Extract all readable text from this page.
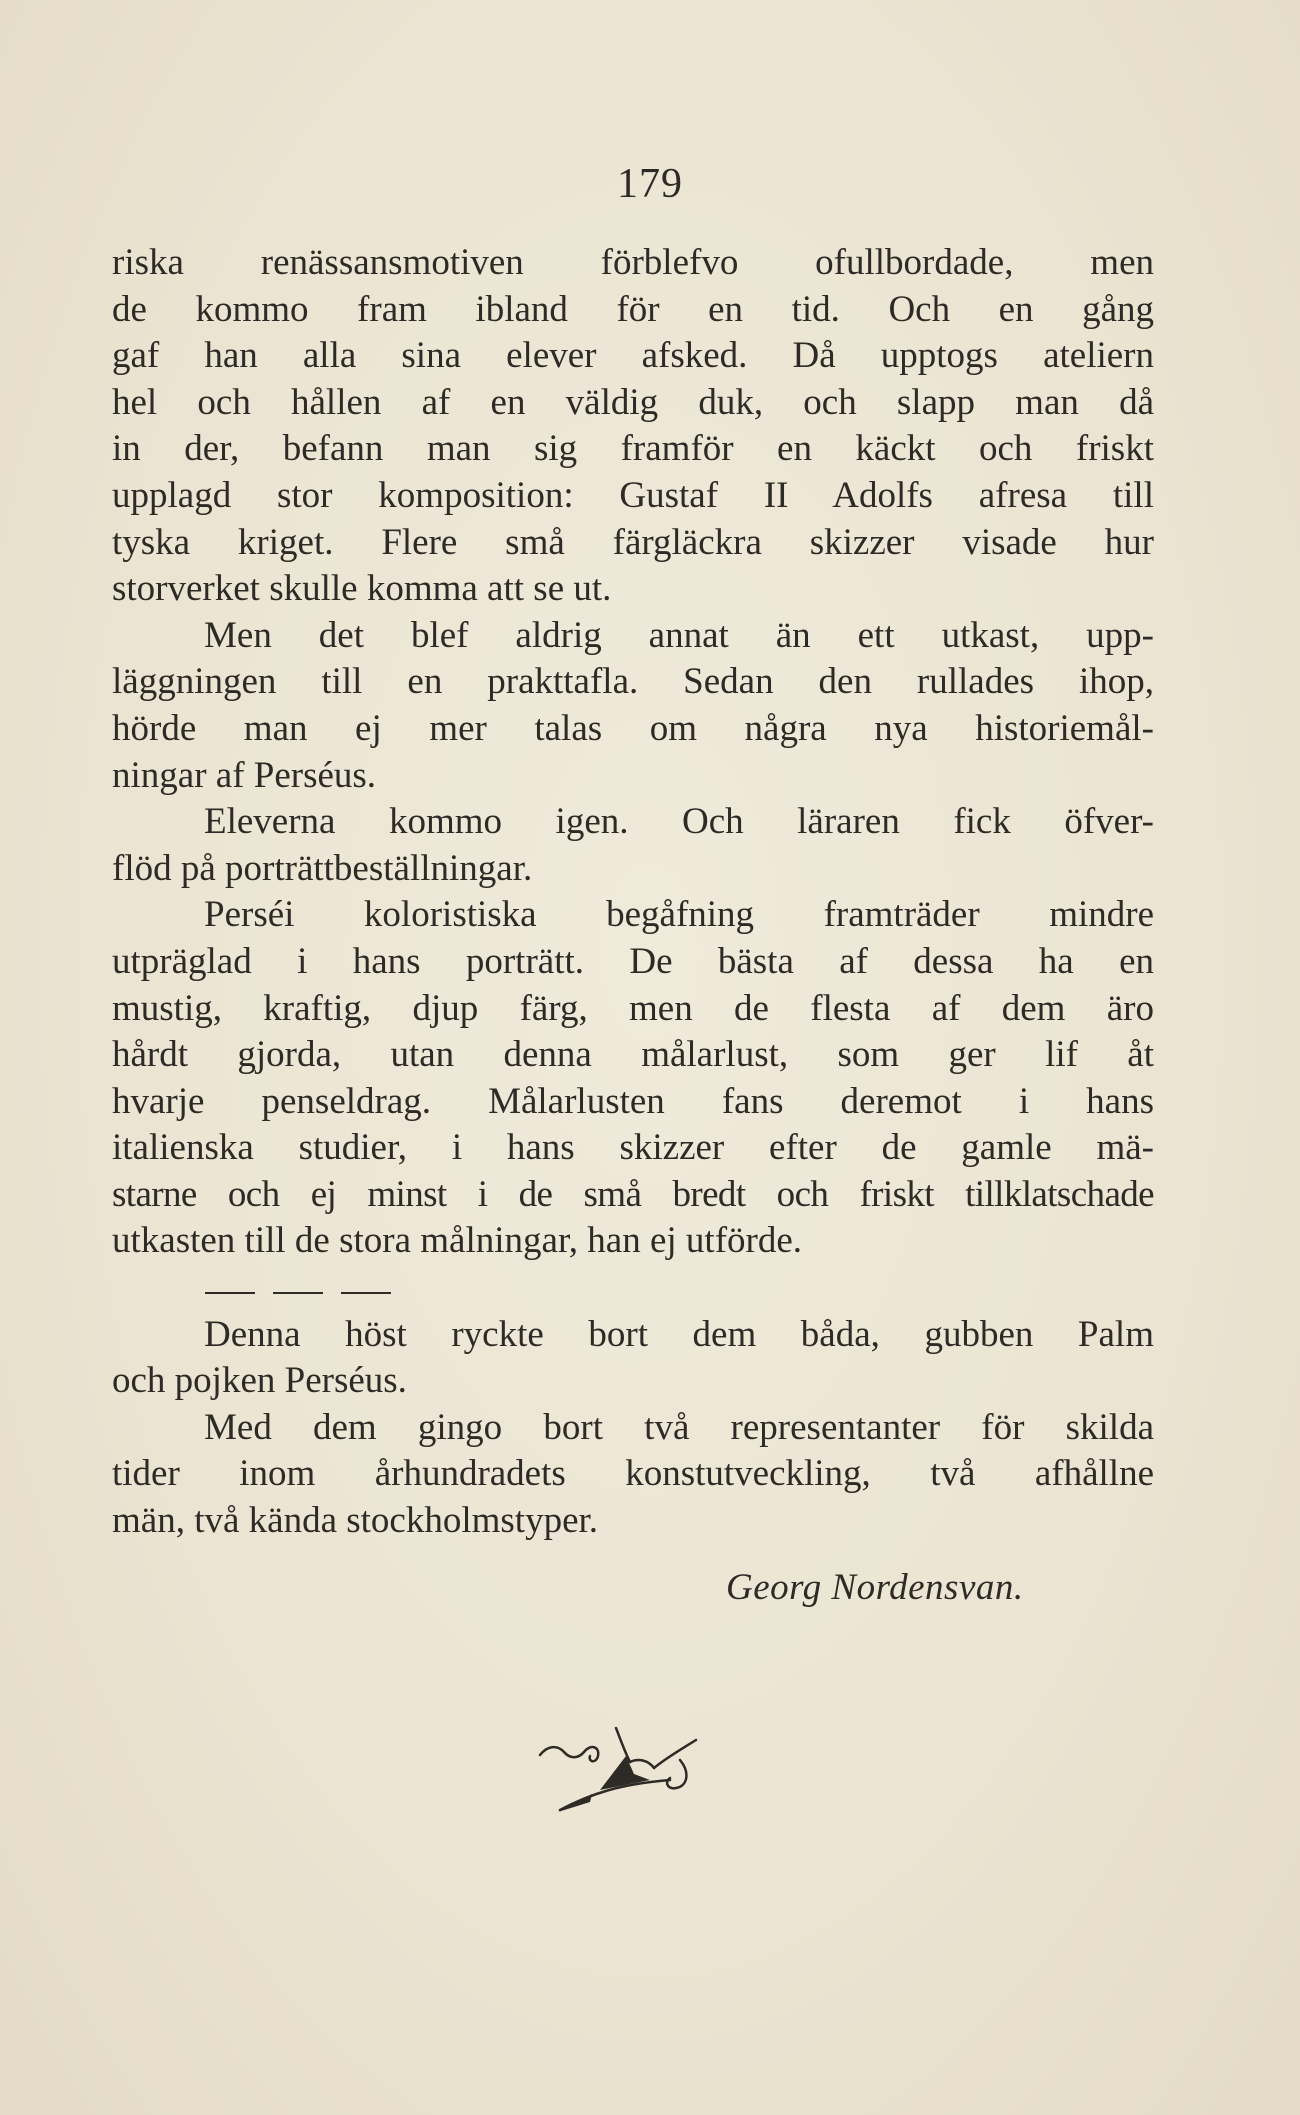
179
riska renässansmotiven förblefvo ofullbordade, men
de kommo fram ibland för en tid. Och en gång
gaf han alla sina elever afsked. Då upptogs ateliern
hel och hållen af en väldig duk, och slapp man då
in der, befann man sig framför en käckt och friskt
upplagd stor komposition: Gustaf II Adolfs afresa till
tyska kriget. Flere små färgläckra skizzer visade hur
storverket skulle komma att se ut.
Men det blef aldrig annat än ett utkast, upp-
läggningen till en prakttafla. Sedan den rullades ihop,
hörde man ej mer talas om några nya historiemål-
ningar af Perséus.
Eleverna kommo igen. Och läraren fick öfver-
flöd på porträttbeställningar.
Perséi koloristiska begåfning framträder mindre
utpräglad i hans porträtt. De bästa af dessa ha en
mustig, kraftig, djup färg, men de flesta af dem äro
hårdt gjorda, utan denna målarlust, som ger lif åt
hvarje penseldrag. Målarlusten fans deremot i hans
italienska studier, i hans skizzer efter de gamle mä-
starne och ej minst i de små bredt och friskt tillklatschade
utkasten till de stora målningar, han ej utförde.
Denna höst ryckte bort dem båda, gubben Palm
och pojken Perséus.
Med dem gingo bort två representanter för skilda
tider inom århundradets konstutveckling, två afhållne
män, två kända stockholmstyper.
Georg Nordensvan.
